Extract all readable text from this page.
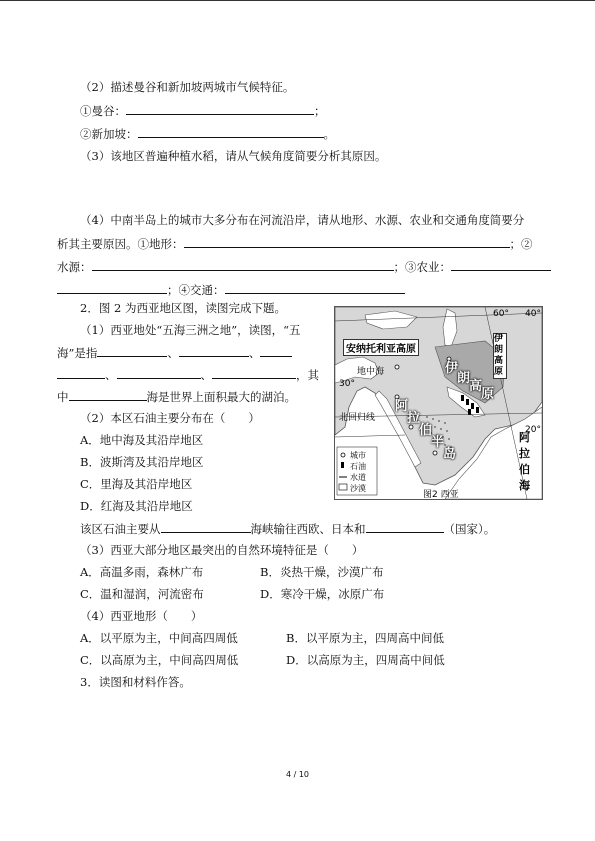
（2）描述曼谷和新加坡两城市气候特征。
①曼谷：	；
②新加坡：	。
（3）该地区普遍种植水稻，请从气候角度简要分析其原因。
（4）中南半岛上的城市大多分布在河流沿岸，请从地形、水源、农业和交通角度简要分
析其主要原因。①地形：	；②
水源：	；③农业：
；④交通：
2．图 2 为西亚地区图，读图完成下题。
（1）西亚地处“五海三洲之地”，读图，“五
海”是指	、	、
、	、	，其
中	海是世界上面积最大的湖泊。
（2）本区石油主要分布在（　　）
A．地中海及其沿岸地区
B．波斯湾及其沿岸地区
C．里海及其沿岸地区
D．红海及其沿岸地区
该区石油主要从	海峡输往西欧、日本和	（国家）。
（3）西亚大部分地区最突出的自然环境特征是（　　）
A．高温多雨，森林广布	B．炎热干燥，沙漠广布
C．温和湿润，河流密布	D．寒冷干燥，冰原广布
（4）西亚地形（　　）
A．以平原为主，中间高四周低	B．以平原为主，四周高中间低
C．以高原为主，中间高四周低	D．以高原为主，四周高中间低
3．读图和材料作答。
安纳托利亚高原
地中海
北回归线
40°
30°
20°
60°
伊朗高原
伊
朗
高
原
阿
拉
伯
半
岛
阿
拉
伯
海
城市
石油
水道
沙漠
图2 西亚
4 / 10
